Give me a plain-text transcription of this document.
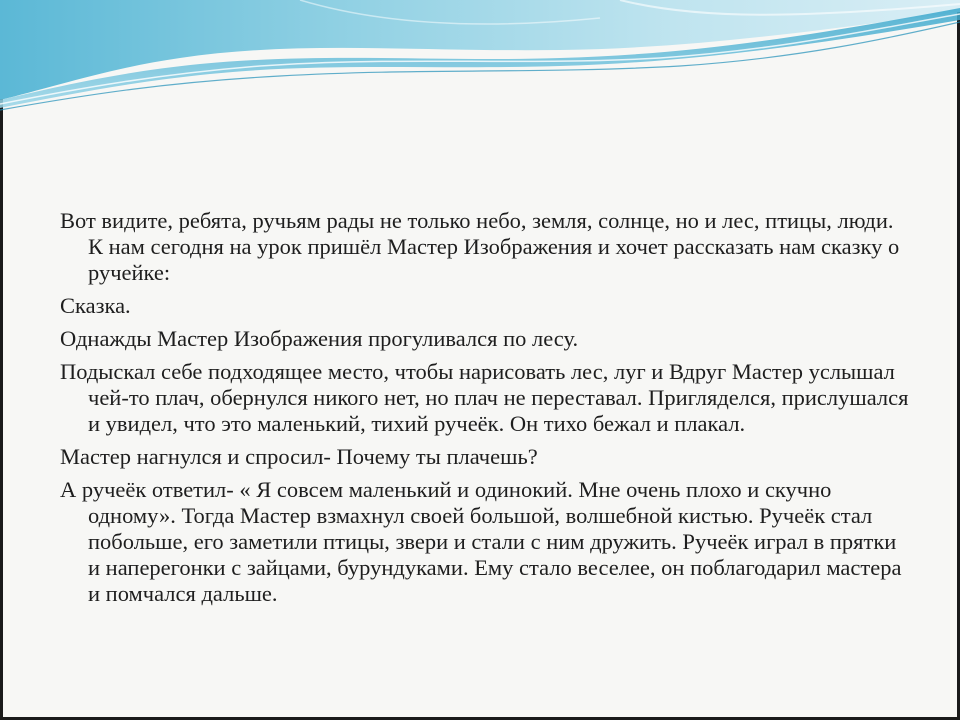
Вот видите, ребята, ручьям рады не только небо, земля, солнце, но и лес, птицы, люди. К нам сегодня на урок пришёл Мастер Изображения и хочет рассказать нам сказку о ручейке:

Сказка.

Однажды Мастер Изображения прогуливался по лесу.

Подыскал себе подходящее место, чтобы нарисовать лес, луг и Вдруг Мастер услышал чей-то плач, обернулся никого нет, но плач не переставал. Пригляделся, прислушался и увидел, что это маленький, тихий ручеёк. Он тихо бежал и плакал.

Мастер нагнулся и спросил- Почему ты плачешь?

А ручеёк ответил- « Я совсем маленький и одинокий. Мне очень плохо и скучно одному». Тогда Мастер взмахнул своей большой, волшебной кистью. Ручеёк стал побольше, его заметили птицы, звери и стали с ним дружить. Ручеёк играл в прятки и наперегонки с зайцами, бурундуками. Ему стало веселее, он поблагодарил мастера и помчался дальше.
